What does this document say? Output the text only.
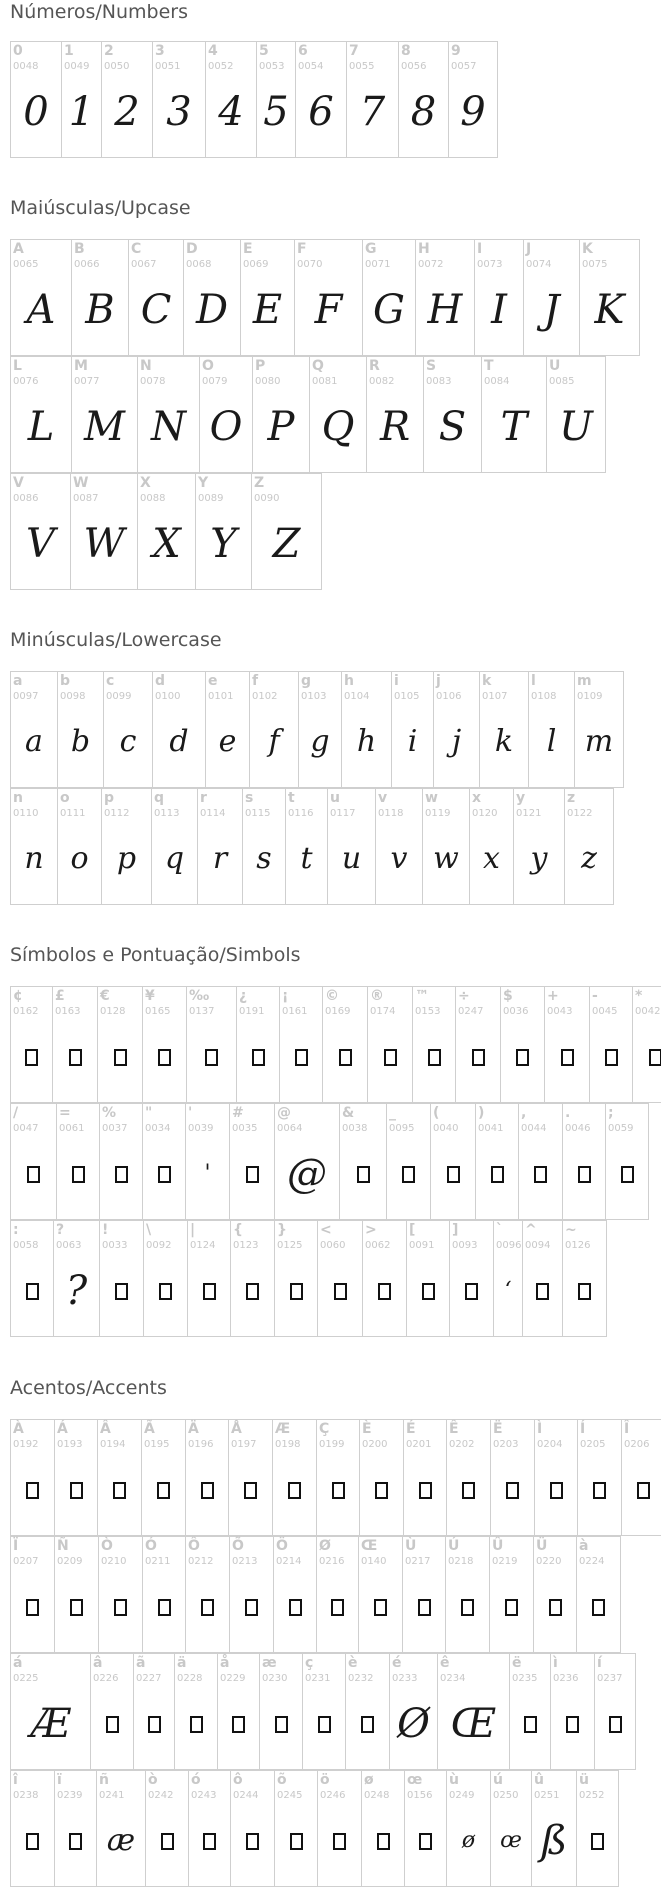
Números/Numbers
0
0048
0
1
0049
1
2
0050
2
3
0051
3
4
0052
4
5
0053
5
6
0054
6
7
0055
7
8
0056
8
9
0057
9
Maiúsculas/Upcase
A
0065
A
B
0066
B
C
0067
C
D
0068
D
E
0069
E
F
0070
F
G
0071
G
H
0072
H
I
0073
I
J
0074
J
K
0075
K
L
0076
L
M
0077
M
N
0078
N
O
0079
O
P
0080
P
Q
0081
Q
R
0082
R
S
0083
S
T
0084
T
U
0085
U
V
0086
V
W
0087
W
X
0088
X
Y
0089
Y
Z
0090
Z
Minúsculas/Lowercase
a
0097
a
b
0098
b
c
0099
c
d
0100
d
e
0101
e
f
0102
f
g
0103
g
h
0104
h
i
0105
i
j
0106
j
k
0107
k
l
0108
l
m
0109
m
n
0110
n
o
0111
o
p
0112
p
q
0113
q
r
0114
r
s
0115
s
t
0116
t
u
0117
u
v
0118
v
w
0119
w
x
0120
x
y
0121
y
z
0122
z
Símbolos e Pontuação/Simbols
¢
0162
£
0163
€
0128
¥
0165
‰
0137
¿
0191
¡
0161
©
0169
®
0174
™
0153
÷
0247
$
0036
+
0043
-
0045
*
0042
/
0047
=
0061
%
0037
"
0034
'
0039
'
#
0035
@
0064
@
&
0038
_
0095
(
0040
)
0041
,
0044
.
0046
;
0059
:
0058
?
0063
?
!
0033
\
0092
|
0124
{
0123
}
0125
<
0060
>
0062
[
0091
]
0093
`
0096
‘
^
0094
~
0126
Acentos/Accents
À
0192
Á
0193
Â
0194
Ã
0195
Ä
0196
Å
0197
Æ
0198
Ç
0199
È
0200
É
0201
Ê
0202
Ë
0203
Ì
0204
Í
0205
Î
0206
Ï
0207
Ñ
0209
Ò
0210
Ó
0211
Ô
0212
Õ
0213
Ö
0214
Ø
0216
Œ
0140
Ù
0217
Ú
0218
Û
0219
Ü
0220
à
0224
á
0225
Æ
â
0226
ã
0227
ä
0228
å
0229
æ
0230
ç
0231
è
0232
é
0233
Ø
ê
0234
Œ
ë
0235
ì
0236
í
0237
î
0238
ï
0239
ñ
0241
æ
ò
0242
ó
0243
ô
0244
õ
0245
ö
0246
ø
0248
œ
0156
ù
0249
ø
ú
0250
œ
û
0251
ß
ü
0252
